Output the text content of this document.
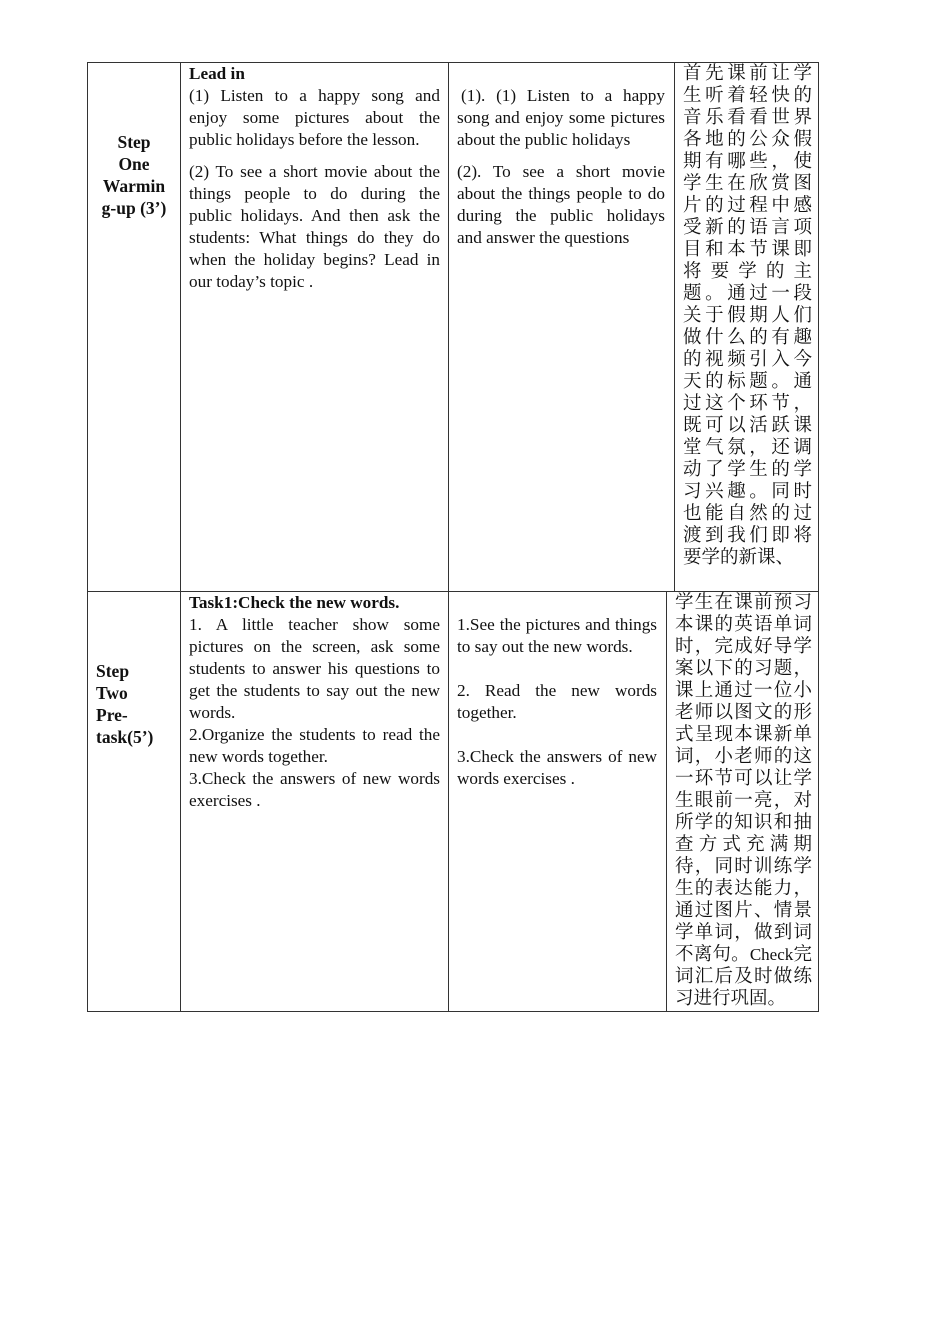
Step
One
Warmin
g-up (3’)

Lead in

(1) Listen to a happy song and enjoy some pictures about the public holidays before the lesson.

(2) To see a short movie about the things people to do during the public holidays. And then ask the students: What things do they do when the holiday begins? Lead in our today’s topic .

(1). (1) Listen to a happy song and enjoy some pictures about the public holidays

(2). To see a short movie about the things people to do during the public holidays and answer the questions

首先课前让学生听着轻快的音乐看看世界各地的公众假期有哪些，使学生在欣赏图片的过程中感受新的语言项目和本节课即将要学的主题。通过一段关于假期人们做什么的有趣的视频引入今天的标题。通过这个环节，既可以活跃课堂气氛，还调动了学生的学习兴趣。同时也能自然的过渡到我们即将要学的新课、

Step
Two
Pre-
task(5’)

Task1:Check the new words.

1. A little teacher show some pictures on the screen, ask some students to answer his questions to get the students to say out the new words.

2.Organize the students to read the new words together.

3.Check the answers of new words exercises .

1.See the pictures and things to say out the new words.

2. Read the new words together.

3.Check the answers of new words exercises .

学生在课前预习本课的英语单词时，完成好导学案以下的习题，课上通过一位小老师以图文的形式呈现本课新单词，小老师的这一环节可以让学生眼前一亮，对所学的知识和抽查方式充满期待，同时训练学生的表达能力，通过图片、情景学单词，做到词不离句。Check完词汇后及时做练习进行巩固。
